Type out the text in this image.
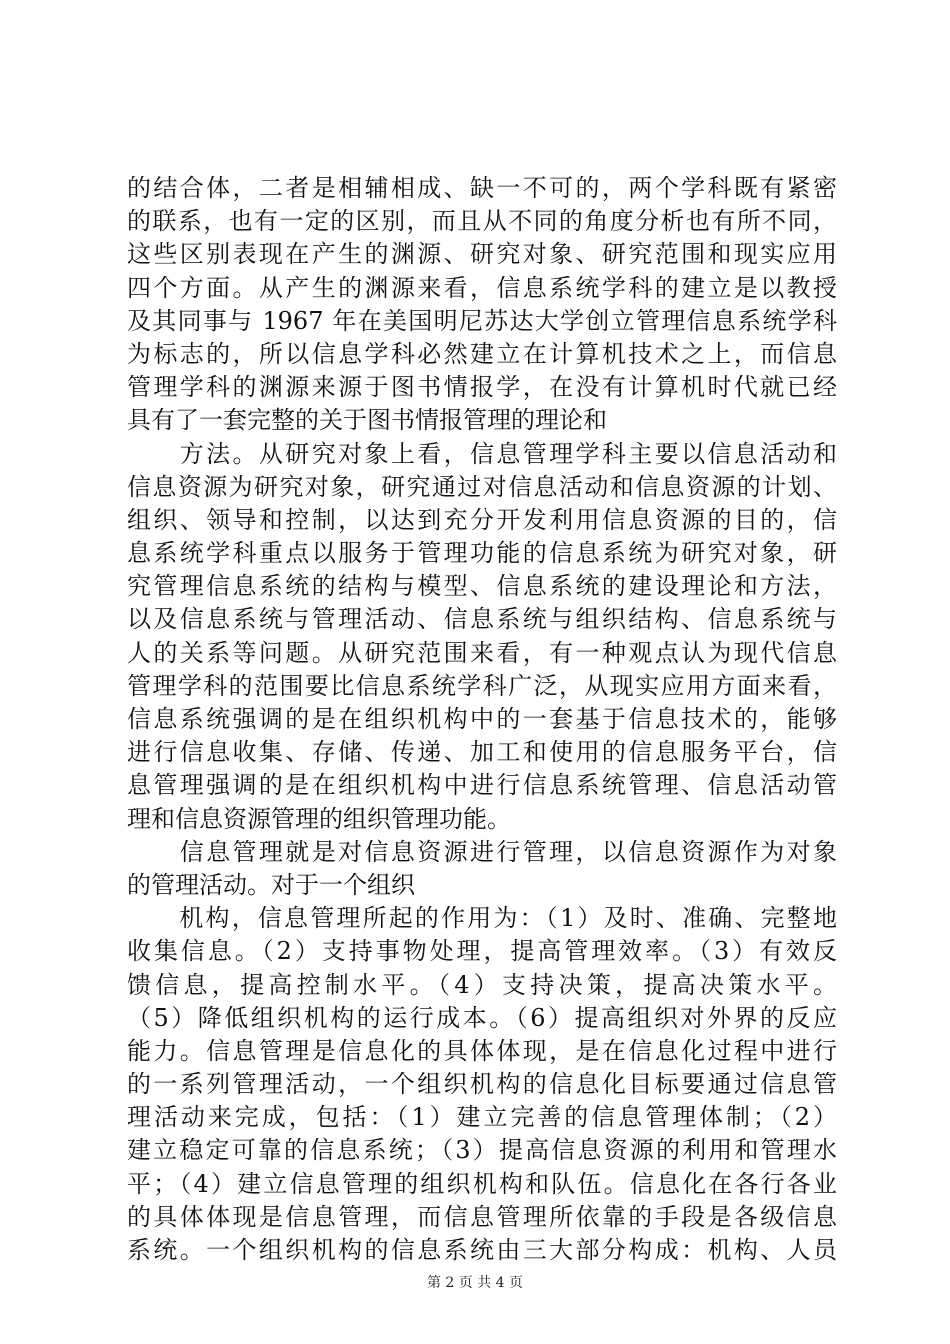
的结合体，二者是相辅相成、缺一不可的，两个学科既有紧密
的联系，也有一定的区别，而且从不同的角度分析也有所不同，
这些区别表现在产生的渊源、研究对象、研究范围和现实应用
四个方面。从产生的渊源来看，信息系统学科的建立是以教授
及其同事与 1967 年在美国明尼苏达大学创立管理信息系统学科
为标志的，所以信息学科必然建立在计算机技术之上，而信息
管理学科的渊源来源于图书情报学，在没有计算机时代就已经
具有了一套完整的关于图书情报管理的理论和
　　方法。从研究对象上看，信息管理学科主要以信息活动和
信息资源为研究对象，研究通过对信息活动和信息资源的计划、
组织、领导和控制，以达到充分开发利用信息资源的目的，信
息系统学科重点以服务于管理功能的信息系统为研究对象，研
究管理信息系统的结构与模型、信息系统的建设理论和方法，
以及信息系统与管理活动、信息系统与组织结构、信息系统与
人的关系等问题。从研究范围来看，有一种观点认为现代信息
管理学科的范围要比信息系统学科广泛，从现实应用方面来看，
信息系统强调的是在组织机构中的一套基于信息技术的，能够
进行信息收集、存储、传递、加工和使用的信息服务平台，信
息管理强调的是在组织机构中进行信息系统管理、信息活动管
理和信息资源管理的组织管理功能。
　　信息管理就是对信息资源进行管理，以信息资源作为对象
的管理活动。对于一个组织
　　机构，信息管理所起的作用为：（1）及时、准确、完整地
收集信息。（2）支持事物处理，提高管理效率。（3）有效反
馈信息，提高控制水平。（4）支持决策，提高决策水平。
（5）降低组织机构的运行成本。（6）提高组织对外界的反应
能力。信息管理是信息化的具体体现，是在信息化过程中进行
的一系列管理活动，一个组织机构的信息化目标要通过信息管
理活动来完成，包括：（1）建立完善的信息管理体制；（2）
建立稳定可靠的信息系统；（3）提高信息资源的利用和管理水
平；（4）建立信息管理的组织机构和队伍。信息化在各行各业
的具体体现是信息管理，而信息管理所依靠的手段是各级信息
系统。一个组织机构的信息系统由三大部分构成：机构、人员
第 2 页 共 4 页
